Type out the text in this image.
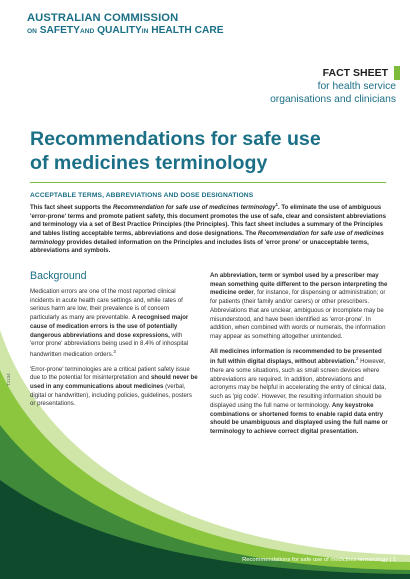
AUSTRALIAN COMMISSION
ON SAFETYAND QUALITYIN HEALTH CARE
FACT SHEET
for health service
organisations and clinicians
Recommendations for safe use
of medicines terminology
ACCEPTABLE TERMS, ABBREVIATIONS AND DOSE DESIGNATIONS
This fact sheet supports the Recommendation for safe use of medicines terminology$^1$. To eliminate the use of ambiguous 'error-prone' terms and promote patient safety, this document promotes the use of safe, clear and consistent abbreviations and terminology via a set of Best Practice Principles (the Principles). This fact sheet includes a summary of the Principles and tables listing acceptable terms, abbreviations and dose designations. The Recommendation for safe use of medicines terminology provides detailed information on the Principles and includes lists of 'error prone' or unacceptable terms, abbreviations and symbols.
Background
Medication errors are one of the most reported clinical incidents in acute health care settings and, while rates of serious harm are low, their prevalence is of concern particularly as many are preventable. A recognised major cause of medication errors is the use of potentially dangerous abbreviations and dose expressions, with 'error prone' abbreviations being used in 8.4% of inhospital handwritten medication orders.$^3$
'Error-prone' terminologies are a critical patient safety issue due to the potential for misinterpretation and should never be used in any communications about medicines (verbal, digital or handwritten), including policies, guidelines, posters or presentations.
An abbreviation, term or symbol used by a prescriber may mean something quite different to the person interpreting the medicine order, for instance, for dispensing or administration; or for patients (their family and/or carers) or other prescribers. Abbreviations that are unclear, ambiguous or incomplete may be misunderstood, and have been identified as 'error-prone'. In addition, when combined with words or numerals, the information may appear as something altogether unintended.
All medicines information is recommended to be presented in full within digital displays, without abbreviation.$^2$ However, there are some situations, such as small screen devices where abbreviations are required. In addition, abbreviations and acronyms may be helpful in accelerating the entry of clinical data, such as 'pig code'. However, the resulting information should be displayed using the full name or terminology. Any keystroke combinations or shortened forms to enable rapid data entry should be unambiguous and displayed using the full name or terminology to achieve correct digital presentation.
T1134
Recommendations for safe use of medicines terminology | 1
